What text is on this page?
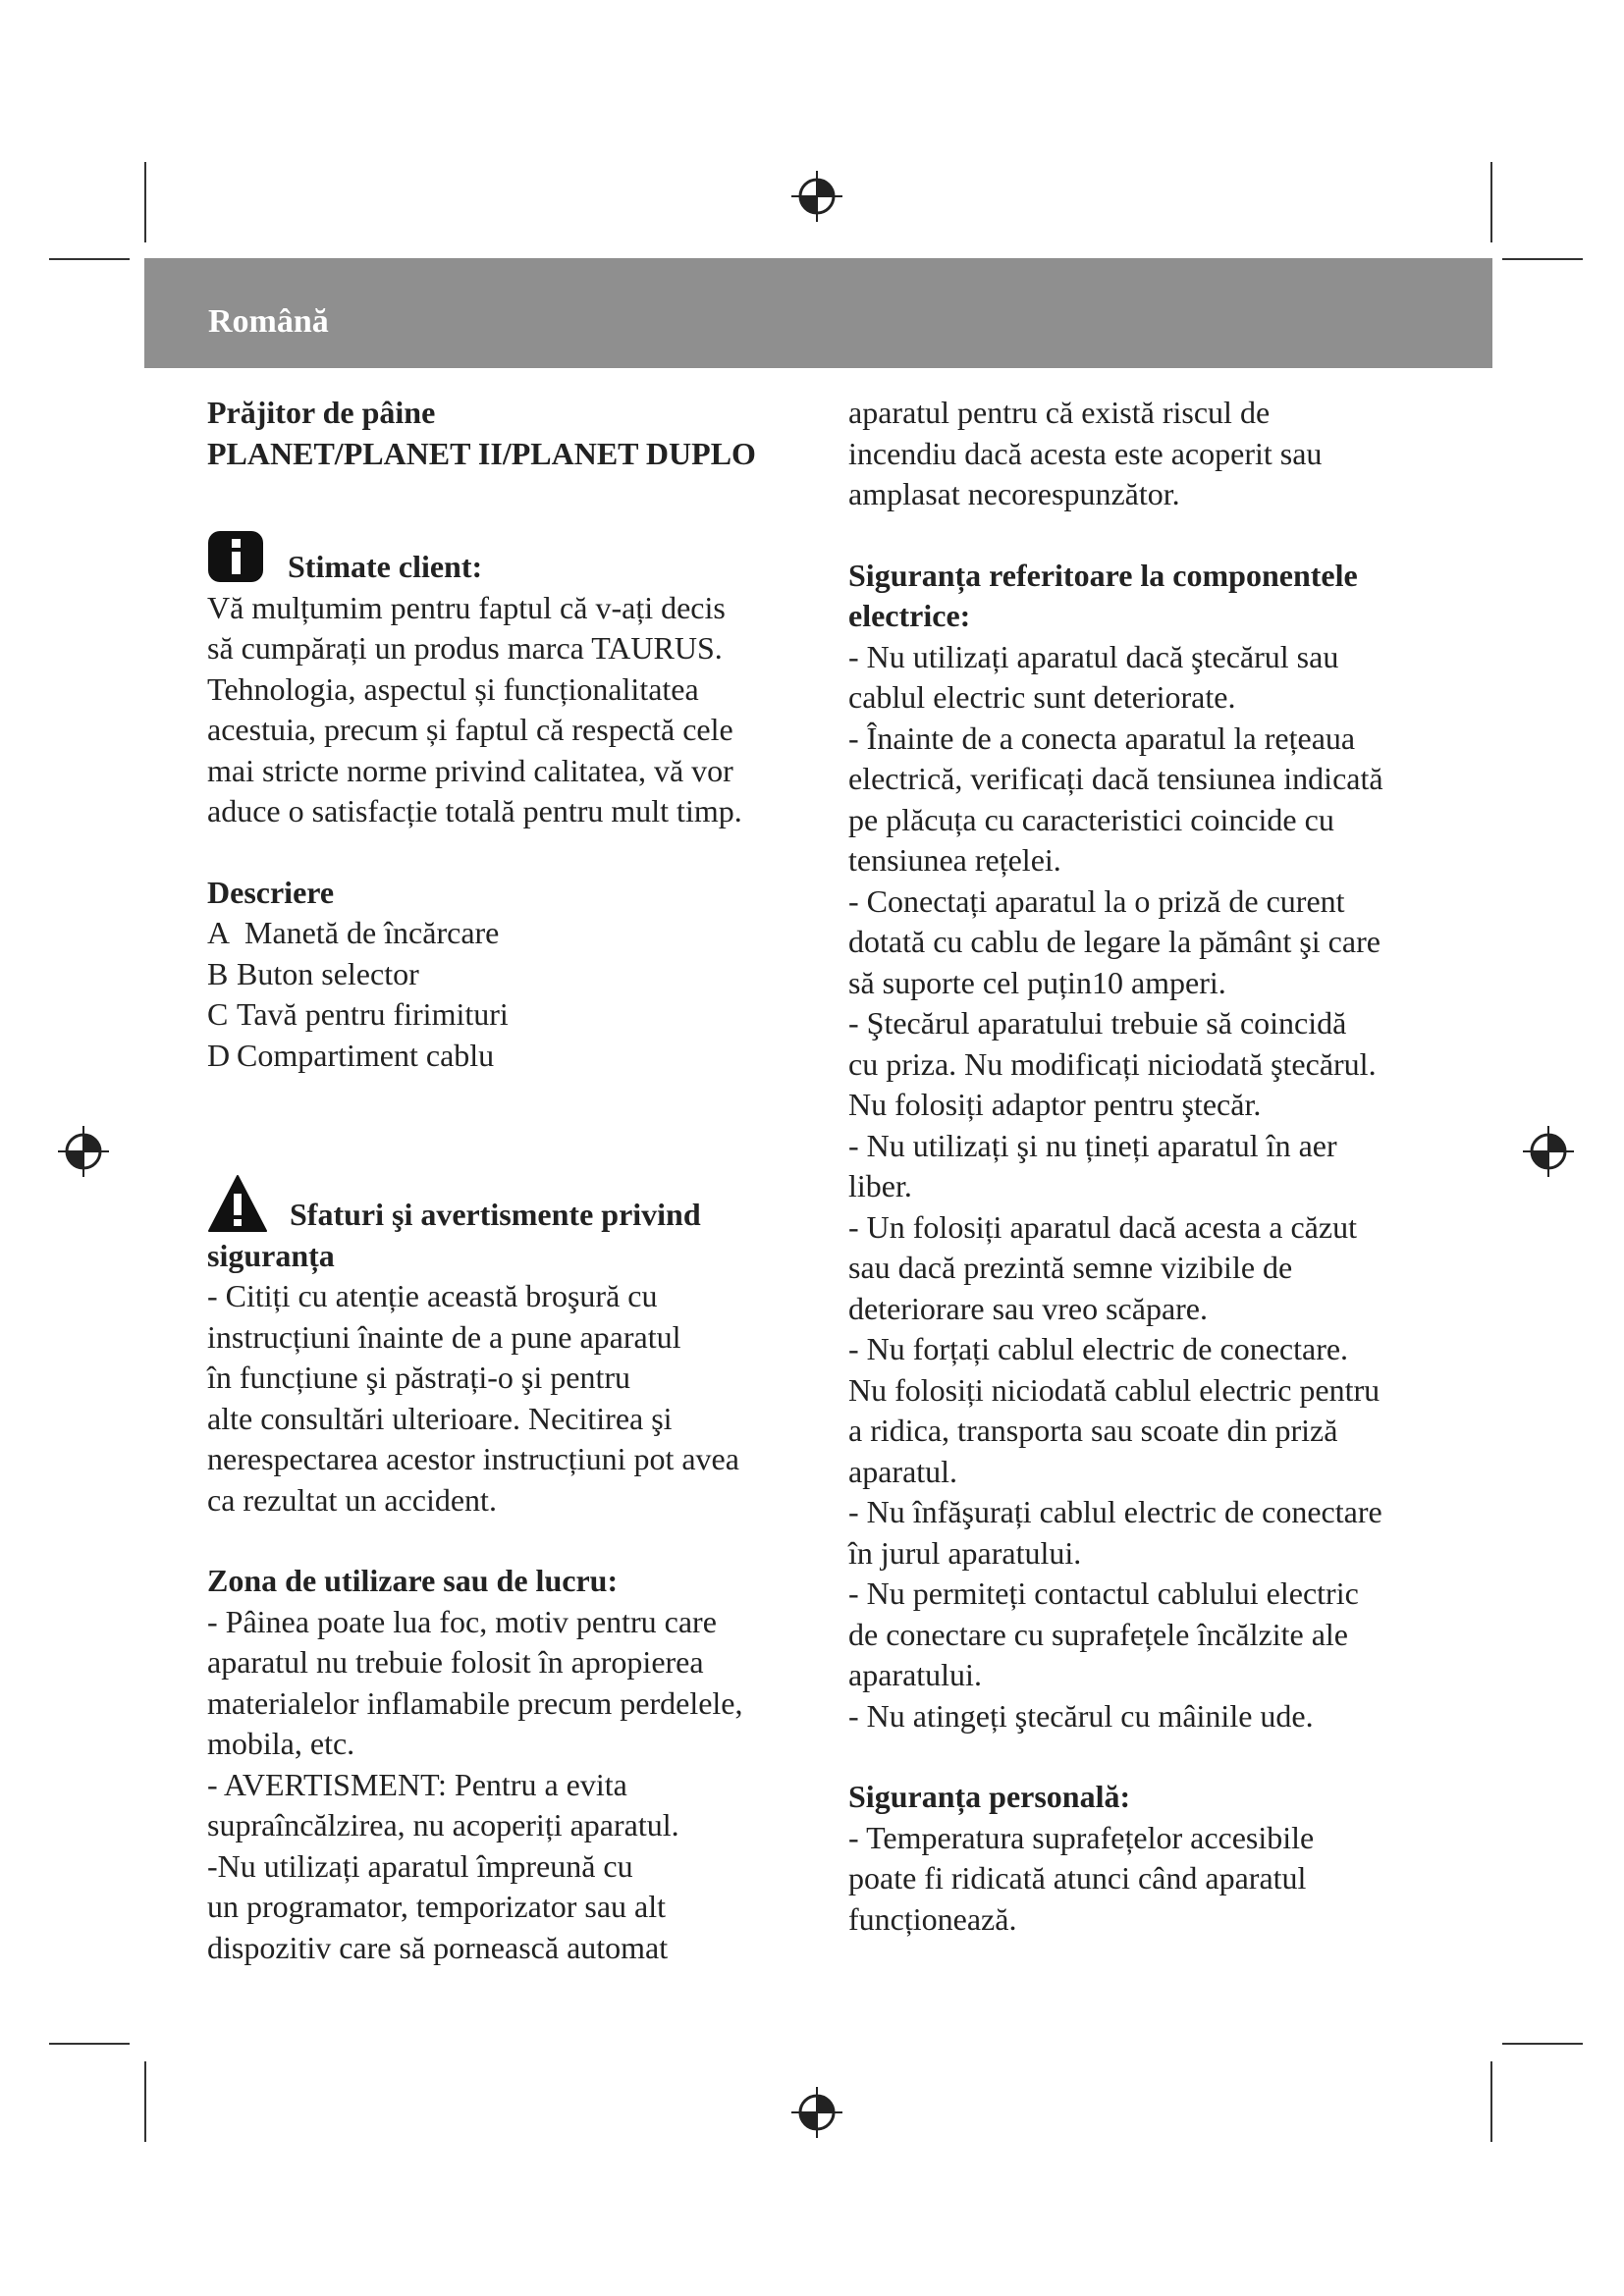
Română
Prăjitor de pâine
PLANET/PLANET II/PLANET DUPLO
Stimate client:
Vă mulțumim pentru faptul că v-ați decis
să cumpărați un produs marca TAURUS.
Tehnologia, aspectul și funcționalitatea
acestuia, precum și faptul că respectă cele
mai stricte norme privind calitatea, vă vor
aduce o satisfacție totală pentru mult timp.
Descriere
A Manetă de încărcare
B Buton selector
C Tavă pentru firimituri
D Compartiment cablu
Sfaturi şi avertismente privind
siguranța
- Citiți cu atenție această broşură cu
instrucțiuni înainte de a pune aparatul
în funcțiune şi păstrați-o şi pentru
alte consultări ulterioare. Necitirea şi
nerespectarea acestor instrucțiuni pot avea
ca rezultat un accident.
Zona de utilizare sau de lucru:
- Pâinea poate lua foc, motiv pentru care
aparatul nu trebuie folosit în apropierea
materialelor inflamabile precum perdelele,
mobila, etc.
- AVERTISMENT: Pentru a evita
supraîncălzirea, nu acoperiți aparatul.
-Nu utilizați aparatul împreună cu
un programator, temporizator sau alt
dispozitiv care să pornească automat
aparatul pentru că există riscul de
incendiu dacă acesta este acoperit sau
amplasat necorespunzător.
Siguranța referitoare la componentele
electrice:
- Nu utilizați aparatul dacă ştecărul sau
cablul electric sunt deteriorate.
- Înainte de a conecta aparatul la rețeaua
electrică, verificați dacă tensiunea indicată
pe plăcuța cu caracteristici coincide cu
tensiunea rețelei.
- Conectați aparatul la o priză de curent
dotată cu cablu de legare la pământ şi care
să suporte cel puțin10 amperi.
- Ştecărul aparatului trebuie să coincidă
cu priza. Nu modificați niciodată ştecărul.
Nu folosiți adaptor pentru ştecăr.
- Nu utilizați şi nu țineți aparatul în aer
liber.
- Un folosiți aparatul dacă acesta a căzut
sau dacă prezintă semne vizibile de
deteriorare sau vreo scăpare.
- Nu forțați cablul electric de conectare.
Nu folosiți niciodată cablul electric pentru
a ridica, transporta sau scoate din priză
aparatul.
- Nu înfăşurați cablul electric de conectare
în jurul aparatului.
- Nu permiteți contactul cablului electric
de conectare cu suprafețele încălzite ale
aparatului.
- Nu atingeți ştecărul cu mâinile ude.
Siguranța personală:
- Temperatura suprafețelor accesibile
poate fi ridicată atunci când aparatul
funcționează.
